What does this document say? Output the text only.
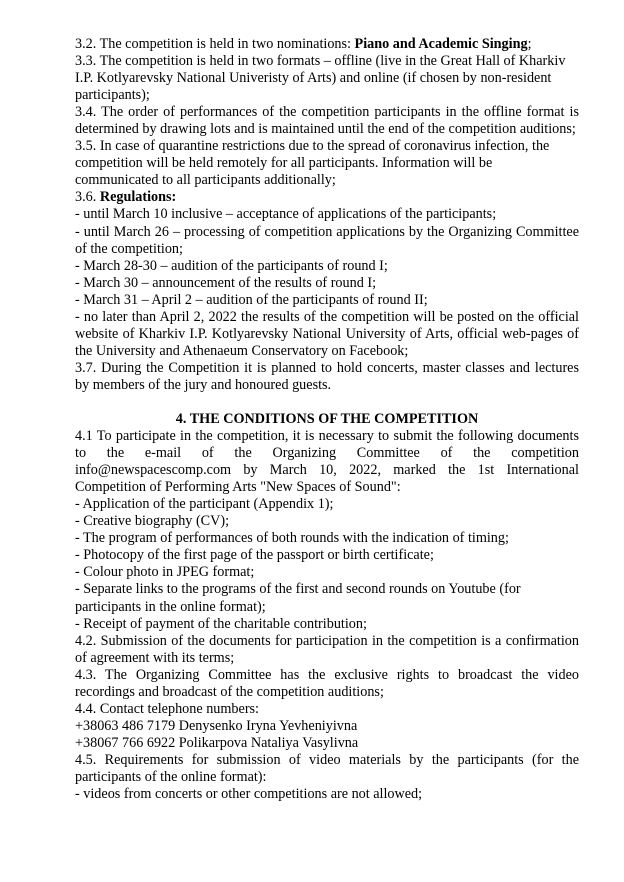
3.2. The competition is held in two nominations: Piano and Academic Singing;

3.3. The competition is held in two formats – offline (live in the Great Hall of Kharkiv I.P. Kotlyarevsky National Univeristy of Arts) and online (if chosen by non-resident participants);

3.4. The order of performances of the competition participants in the offline format is determined by drawing lots and is maintained until the end of the competition auditions;

3.5. In case of quarantine restrictions due to the spread of coronavirus infection, the competition will be held remotely for all participants. Information will be communicated to all participants additionally;

3.6. Regulations:

- until March 10 inclusive – acceptance of applications of the participants;

- until March 26 – processing of competition applications by the Organizing Committee of the competition;

- March 28-30 – audition of the participants of round I;

- March 30 – announcement of the results of round I;

- March 31 – April 2 – audition of the participants of round II;

- no later than April 2, 2022 the results of the competition will be posted on the official website of Kharkiv I.P. Kotlyarevsky National University of Arts, official web-pages of the University and Athenaeum Conservatory on Facebook;

3.7. During the Competition it is planned to hold concerts, master classes and lectures by members of the jury and honoured guests.

4. THE CONDITIONS OF THE COMPETITION

4.1 To participate in the competition, it is necessary to submit the following documents to the e-mail of the Organizing Committee of the competition info@newspacescomp.com by March 10, 2022, marked the 1st International Competition of Performing Arts "New Spaces of Sound":

- Application of the participant (Appendix 1);

- Creative biography (CV);

- The program of performances of both rounds with the indication of timing;

- Photocopy of the first page of the passport or birth certificate;

- Colour photo in JPEG format;

- Separate links to the programs of the first and second rounds on Youtube (for participants in the online format);

- Receipt of payment of the charitable contribution;

4.2. Submission of the documents for participation in the competition is a confirmation of agreement with its terms;

4.3. The Organizing Committee has the exclusive rights to broadcast the video recordings and broadcast of the competition auditions;

4.4. Contact telephone numbers:

+38063 486 7179 Denysenko Iryna Yevheniyivna

+38067 766 6922 Polikarpova Nataliya Vasylivna

4.5. Requirements for submission of video materials by the participants (for the participants of the online format):

- videos from concerts or other competitions are not allowed;
